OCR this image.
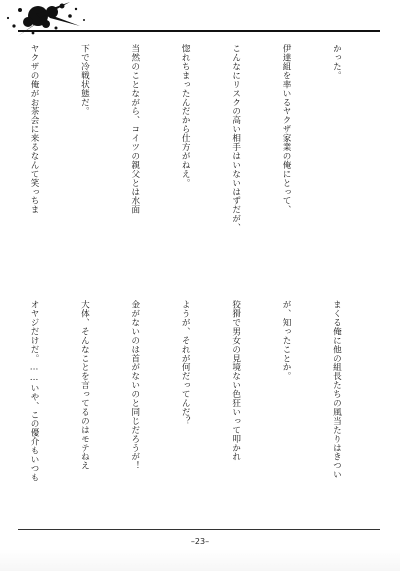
かった。

伊達組を率いるヤクザ家業の俺にとって、

こんなにリスクの高い相手はいないはずだが、

惚れちまったんだから仕方がねえ。

当然のことながら、コイツの親父とは水面

下で冷戦状態だ。

ヤクザの俺がお茶会に来るなんて笑っちま

まくる俺に他の組長たちの風当たりはきつい

が、知ったことか。

狡猾で男女の見境ない色狂いって叩かれ

ようが、それが何だってんだ？

金がないのは首がないのと同じだろうが！

大体、そんなことを言ってるのはモテねえ

オヤジだけだ。……いや、この優介もいつも

–23–
